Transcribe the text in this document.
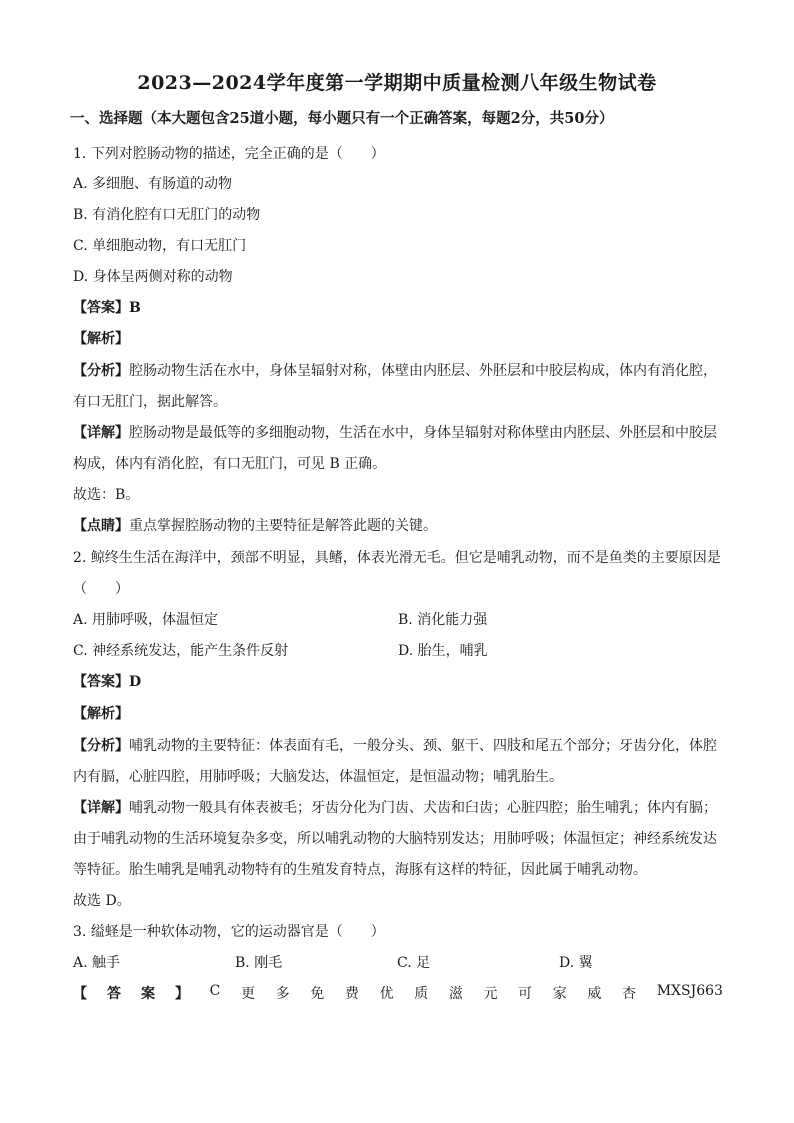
2023—2024学年度第一学期期中质量检测八年级生物试卷
一、选择题（本大题包含25道小题，每小题只有一个正确答案，每题2分，共50分）
1. 下列对腔肠动物的描述，完全正确的是（　　）
A. 多细胞、有肠道的动物
B. 有消化腔有口无肛门的动物
C. 单细胞动物，有口无肛门
D. 身体呈两侧对称的动物
【答案】B
【解析】
【分析】腔肠动物生活在水中，身体呈辐射对称，体壁由内胚层、外胚层和中胶层构成，体内有消化腔，
有口无肛门，据此解答。
【详解】腔肠动物是最低等的多细胞动物，生活在水中，身体呈辐射对称体壁由内胚层、外胚层和中胶层
构成，体内有消化腔，有口无肛门，可见 B 正确。
故选：B。
【点睛】重点掌握腔肠动物的主要特征是解答此题的关键。
2. 鲸终生生活在海洋中，颈部不明显，具鳍，体表光滑无毛。但它是哺乳动物，而不是鱼类的主要原因是
（　　）
A. 用肺呼吸，体温恒定	B. 消化能力强
C. 神经系统发达，能产生条件反射	D. 胎生，哺乳
【答案】D
【解析】
【分析】哺乳动物的主要特征：体表面有毛，一般分头、颈、躯干、四肢和尾五个部分；牙齿分化，体腔
内有膈，心脏四腔，用肺呼吸；大脑发达，体温恒定，是恒温动物；哺乳胎生。
【详解】哺乳动物一般具有体表被毛；牙齿分化为门齿、犬齿和臼齿；心脏四腔；胎生哺乳；体内有膈；
由于哺乳动物的生活环境复杂多变，所以哺乳动物的大脑特别发达；用肺呼吸；体温恒定；神经系统发达
等特征。胎生哺乳是哺乳动物特有的生殖发育特点，海豚有这样的特征，因此属于哺乳动物。
故选 D。
3. 缢蛏是一种软体动物，它的运动器官是（　　）
A. 触手	B. 刚毛	C. 足	D. 翼
【 答 案 】 C 更 多 免 费 优 质 滋 元 可 家 威 杏 MXSJ663
